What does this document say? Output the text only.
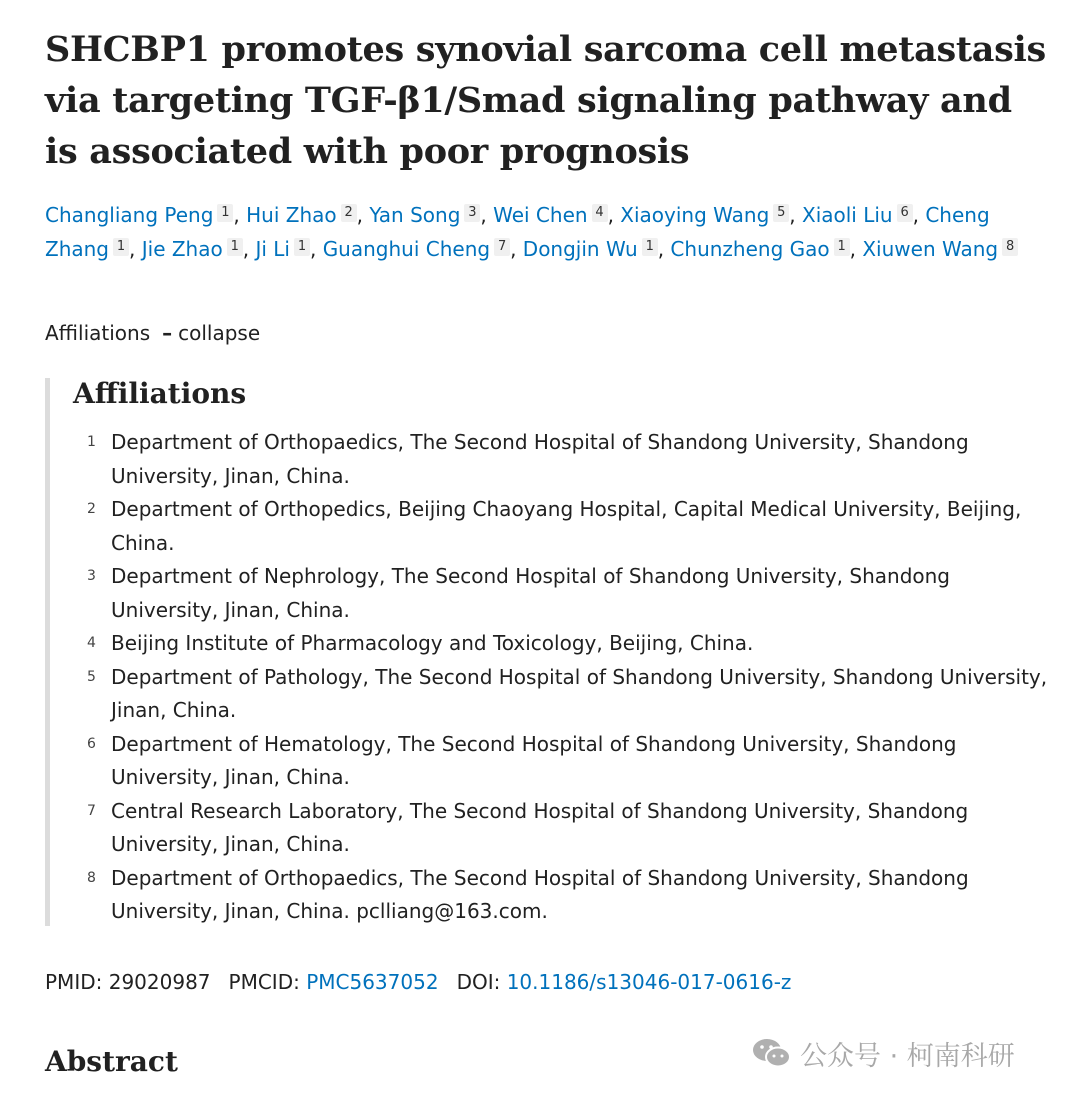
SHCBP1 promotes synovial sarcoma cell metastasis via targeting TGF-β1/Smad signaling pathway and is associated with poor prognosis
Changliang Peng 1 , Hui Zhao 2 , Yan Song 3 , Wei Chen 4 , Xiaoying Wang 5 , Xiaoli Liu 6 , Cheng Zhang 1 , Jie Zhao 1 , Ji Li 1 , Guanghui Cheng 7 , Dongjin Wu 1 , Chunzheng Gao 1 , Xiuwen Wang 8
Affiliations – collapse
Affiliations
1 Department of Orthopaedics, The Second Hospital of Shandong University, Shandong University, Jinan, China.
2 Department of Orthopedics, Beijing Chaoyang Hospital, Capital Medical University, Beijing, China.
3 Department of Nephrology, The Second Hospital of Shandong University, Shandong University, Jinan, China.
4 Beijing Institute of Pharmacology and Toxicology, Beijing, China.
5 Department of Pathology, The Second Hospital of Shandong University, Shandong University, Jinan, China.
6 Department of Hematology, The Second Hospital of Shandong University, Shandong University, Jinan, China.
7 Central Research Laboratory, The Second Hospital of Shandong University, Shandong University, Jinan, China.
8 Department of Orthopaedics, The Second Hospital of Shandong University, Shandong University, Jinan, China. pclliang@163.com.
PMID: 29020987 PMCID: PMC5637052 DOI: 10.1186/s13046-017-0616-z
Abstract	公众号 · 柯南科研
